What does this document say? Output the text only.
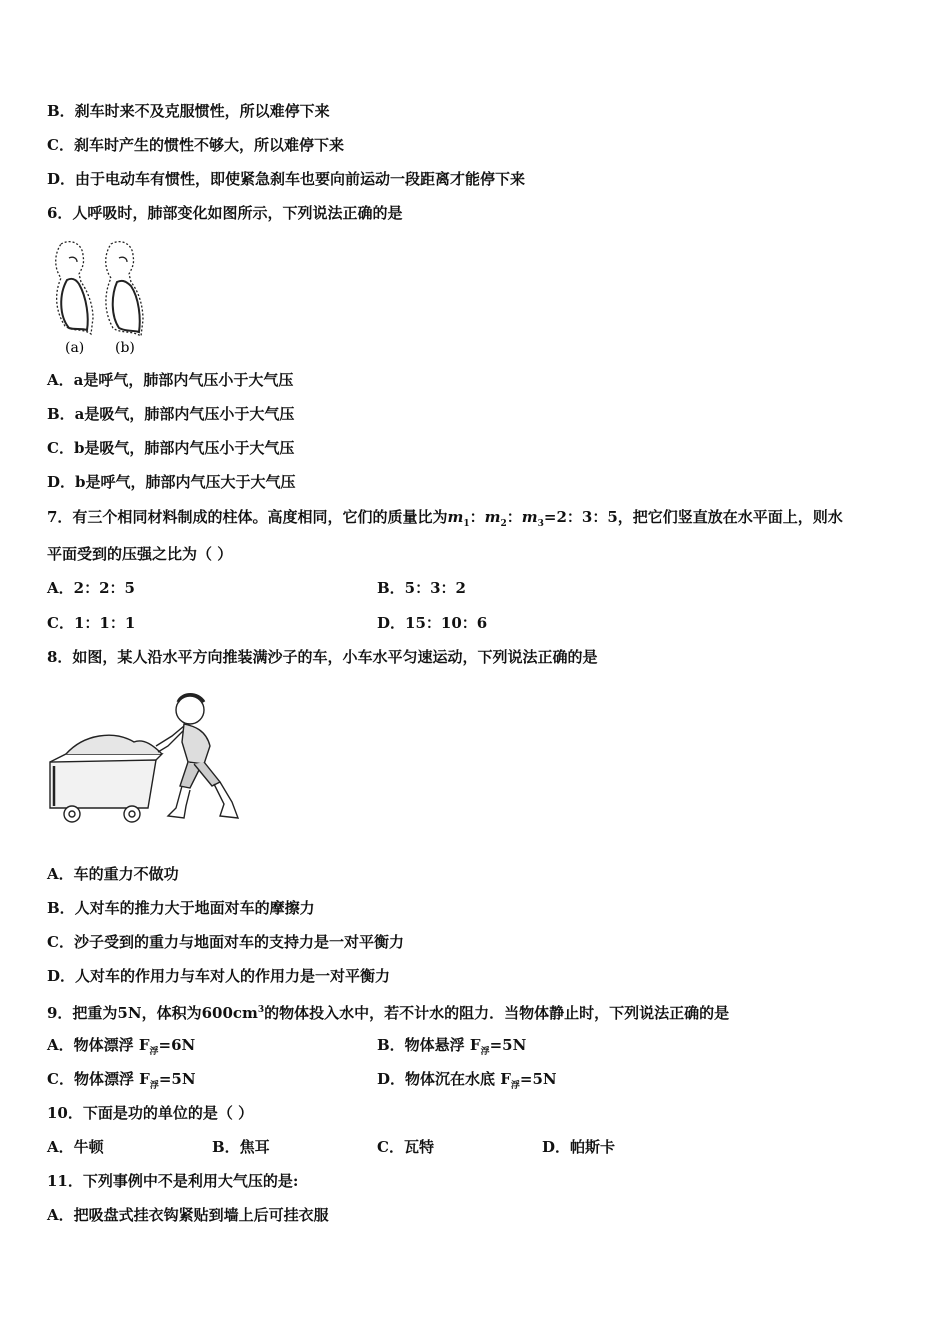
B．刹车时来不及克服惯性，所以难停下来
C．刹车时产生的惯性不够大，所以难停下来
D．由于电动车有惯性，即使紧急刹车也要向前运动一段距离才能停下来
6．人呼吸时，肺部变化如图所示，下列说法正确的是
(a) (b)
A．a是呼气，肺部内气压小于大气压
B．a是吸气，肺部内气压小于大气压
C．b是吸气，肺部内气压小于大气压
D．b是呼气，肺部内气压大于大气压
7．有三个相同材料制成的柱体。高度相同，它们的质量比为$m_1$：$m_2$：$m_3=2$：3：5，把它们竖直放在水平面上，则水
平面受到的压强之比为（ ）
A．2：2：5	B．5：3：2
C．1：1：1	D．15：10：6
8．如图，某人沿水平方向推装满沙子的车，小车水平匀速运动，下列说法正确的是
A．车的重力不做功
B．人对车的推力大于地面对车的摩擦力
C．沙子受到的重力与地面对车的支持力是一对平衡力
D．人对车的作用力与车对人的作用力是一对平衡力
9．把重为5N，体积为$600cm^3$的物体投入水中，若不计水的阻力．当物体静止时，下列说法正确的是
A．物体漂浮 $F_浮=6N$	B．物体悬浮 $F_浮=5N$
C．物体漂浮 $F_浮=5N$	D．物体沉在水底 $F_浮=5N$
10．下面是功的单位的是（ ）
A．牛顿	B．焦耳	C．瓦特	D．帕斯卡
11．下列事例中不是利用大气压的是:
A．把吸盘式挂衣钩紧贴到墙上后可挂衣服
